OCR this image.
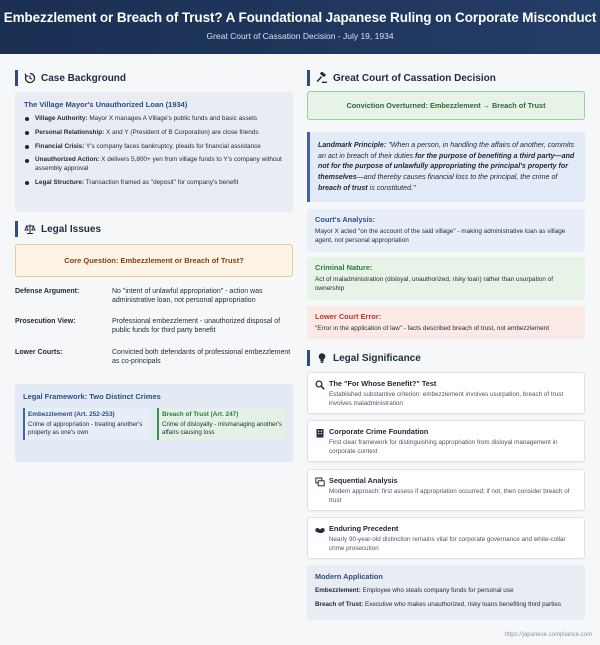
Embezzlement or Breach of Trust? A Foundational Japanese Ruling on Corporate Misconduct
Great Court of Cassation Decision - July 19, 1934
Case Background
The Village Mayor's Unauthorized Loan (1934)
Village Authority: Mayor X manages A Village's public funds and basic assets
Personal Relationship: X and Y (President of B Corporation) are close friends
Financial Crisis: Y's company faces bankruptcy, pleads for financial assistance
Unauthorized Action: X delivers 5,800+ yen from village funds to Y's company without assembly approval
Legal Structure: Transaction framed as "deposit" for company's benefit
Legal Issues
Core Question: Embezzlement or Breach of Trust?
Defense Argument:	No "intent of unlawful appropriation" - action was administrative loan, not personal appropriation
Prosecution View:	Professional embezzlement - unauthorized disposal of public funds for third party benefit
Lower Courts:	Convicted both defendants of professional embezzlement as co-principals
Legal Framework: Two Distinct Crimes
Embezzlement (Art. 252-253)
Crime of appropriation - treating another's property as one's own
Breach of Trust (Art. 247)
Crime of disloyalty - mismanaging another's affairs causing loss
Great Court of Cassation Decision
Conviction Overturned: Embezzlement → Breach of Trust
Landmark Principle: "When a person, in handling the affairs of another, commits an act in breach of their duties for the purpose of benefiting a third party—and not for the purpose of unlawfully appropriating the principal's property for themselves—and thereby causes financial loss to the principal, the crime of breach of trust is constituted."
Court's Analysis:
Mayor X acted "on the account of the said village" - making administrative loan as village agent, not personal appropriation
Criminal Nature:
Act of maladministration (disloyal, unauthorized, risky loan) rather than usurpation of ownership
Lower Court Error:
"Error in the application of law" - facts described breach of trust, not embezzlement
Legal Significance
The "For Whose Benefit?" Test
Established substantive criterion: embezzlement involves usurpation, breach of trust involves maladministration
Corporate Crime Foundation
First clear framework for distinguishing appropriation from disloyal management in corporate context
Sequential Analysis
Modern approach: first assess if appropriation occurred; if not, then consider breach of trust
Enduring Precedent
Nearly 90-year-old distinction remains vital for corporate governance and white-collar crime prosecution
Modern Application
Embezzlement: Employee who steals company funds for personal use
Breach of Trust: Executive who makes unauthorized, risky loans benefiting third parties
https://japanese compliance.com
